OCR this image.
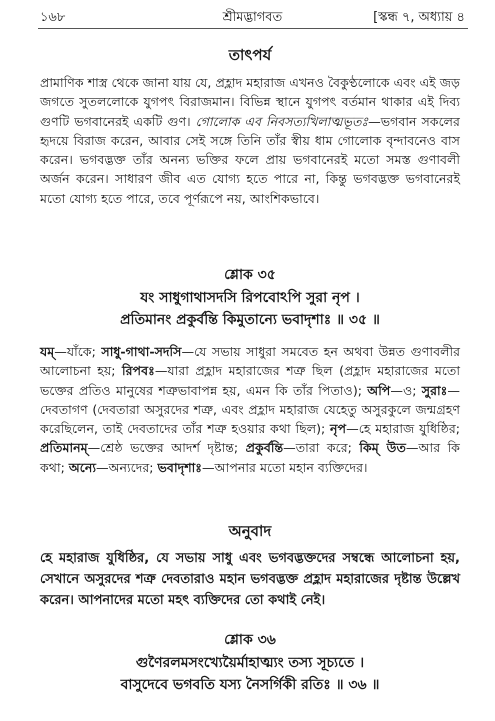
১৬৮	শ্রীমদ্ভাগবত	[স্কন্ধ ৭, অধ্যায় ৪
তাৎপর্য

প্রামাণিক শাস্ত্র থেকে জানা যায় যে, প্রহ্লাদ মহারাজ এখনও বৈকুণ্ঠলোকে এবং এই জড় জগতে সুতললোকে যুগপৎ বিরাজমান। বিভিন্ন স্থানে যুগপৎ বর্তমান থাকার এই দিব্য গুণটি ভগবানেরই একটি গুণ। গোলোক এব নিবসত্যখিলাত্মভূতঃ—ভগবান সকলের হৃদয়ে বিরাজ করেন, আবার সেই সঙ্গে তিনি তাঁর স্বীয় ধাম গোলোক বৃন্দাবনেও বাস করেন। ভগবদ্ভক্ত তাঁর অনন্য ভক্তির ফলে প্রায় ভগবানেরই মতো সমস্ত গুণাবলী অর্জন করেন। সাধারণ জীব এত যোগ্য হতে পারে না, কিন্তু ভগবদ্ভক্ত ভগবানেরই মতো যোগ্য হতে পারে, তবে পূর্ণরূপে নয়, আংশিকভাবে।

শ্লোক ৩৫

যং সাধুগাথাসদসি রিপবোঽপি সুরা নৃপ ।

প্রতিমানং প্রকুর্বন্তি কিমুতান্যে ভবাদৃশাঃ ॥ ৩৫ ॥

যম্—যাঁকে; সাধু-গাথা-সদসি—যে সভায় সাধুরা সমবেত হন অথবা উন্নত গুণাবলীর আলোচনা হয়; রিপবঃ—যারা প্রহ্লাদ মহারাজের শত্রু ছিল (প্রহ্লাদ মহারাজের মতো ভক্তের প্রতিও মানুষের শত্রুভাবাপন্ন হয়, এমন কি তাঁর পিতাও); অপি—ও; সুরাঃ—দেবতাগণ (দেবতারা অসুরদের শত্রু, এবং প্রহ্লাদ মহারাজ যেহেতু অসুরকুলে জন্মগ্রহণ করেছিলেন, তাই দেবতাদের তাঁর শত্রু হওয়ার কথা ছিল); নৃপ—হে মহারাজ যুধিষ্ঠির; প্রতিমানম্—শ্রেষ্ঠ ভক্তের আদর্শ দৃষ্টান্ত; প্রকুর্বন্তি—তারা করে; কিম্ উত—আর কি কথা; অন্যে—অন্যদের; ভবাদৃশাঃ—আপনার মতো মহান ব্যক্তিদের।

অনুবাদ

হে মহারাজ যুধিষ্ঠির, যে সভায় সাধু এবং ভগবদ্ভক্তদের সম্বন্ধে আলোচনা হয়, সেখানে অসুরদের শত্রু দেবতারাও মহান ভগবদ্ভক্ত প্রহ্লাদ মহারাজের দৃষ্টান্ত উল্লেখ করেন। আপনাদের মতো মহৎ ব্যক্তিদের তো কথাই নেই।

শ্লোক ৩৬

গুণৈরলমসংখ্যেয়ৈর্মাহাত্ম্যং তস্য সূচ্যতে ।

বাসুদেবে ভগবতি যস্য নৈসর্গিকী রতিঃ ॥ ৩৬ ॥
